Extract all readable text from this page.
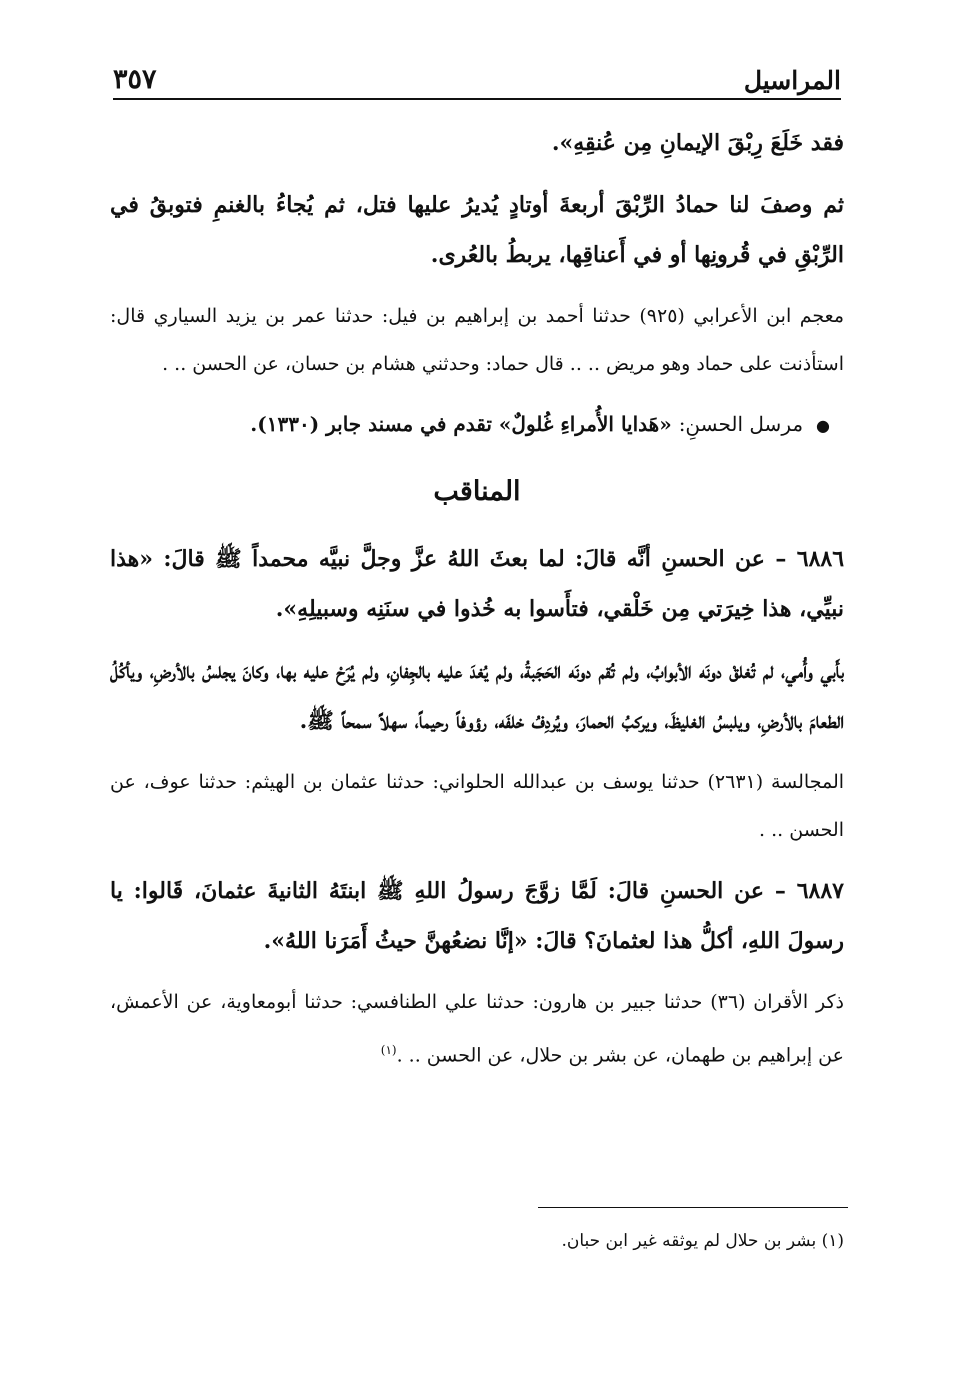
المراسيل
٣٥٧

فقد خَلَعَ رِبْقَ الإيمانِ مِن عُنقِهِ».

ثم وصفَ لنا حمادُ الرِّبْقَ أربعةَ أوتادٍ يُديرُ عليها فتل، ثم يُجاءُ بالغنمِ فتوبقُ في الرِّبْقِ في قُرونِها أو في أَعناقِها، يربطُ بالعُرى.

معجم ابن الأعرابي (٩٢٥) حدثنا أحمد بن إبراهيم بن فيل: حدثنا عمر بن يزيد السياري قال: استأذنت على حماد وهو مريض .. .. قال حماد: وحدثني هشام بن حسان، عن الحسن .. .

● مرسل الحسنِ: «هَدايا الأُمراءِ غُلولٌ» تقدم في مسند جابر (١٣٣٠).

المناقب

٦٨٨٦ – عن الحسنِ أنَّه قالَ: لما بعثَ اللهُ عزَّ وجلَّ نبيَّه محمداً ﷺ قالَ: «هذا نبيِّي، هذا خِيرَتي مِن خَلْقي، فتأَسوا به خُذوا في سنَنِه وسبيلِهِ».

بأَبي وأُمي، لم تُغلقْ دونَه الأبوابُ، ولم تُقم دونَه الحَجَبةُ، ولم يُغدَ عليه بالجِفانِ، ولم يُرَحْ عليه بها، وكانَ يجلسُ بالأرضِ، ويأكُلُ الطعامَ بالأرضِ، ويلبسُ الغليظَ، ويركبُ الحمارَ، ويُردِفُ خلفَه، رؤوفاً رحيماً، سهلاً سمحاً ﷺ.

المجالسة (٢٦٣١) حدثنا يوسف بن عبدالله الحلواني: حدثنا عثمان بن الهيثم: حدثنا عوف، عن الحسن .. .

٦٨٨٧ – عن الحسنِ قالَ: لَمَّا زوَّجَ رسولُ اللهِ ﷺ ابنتَهُ الثانيةَ عثمانَ، قَالوا: يا رسولَ اللهِ، أكلُّ هذا لعثمانَ؟ قالَ: «إنَّا نضعُهنَّ حيثُ أَمَرَنا اللهُ».

ذكر الأقران (٣٦) حدثنا جبير بن هارون: حدثنا علي الطنافسي: حدثنا أبومعاوية، عن الأعمش، عن إبراهيم بن طهمان، عن بشر بن حلال، عن الحسن .. .$^{(١)}$

(١) بشر بن حلال لم يوثقه غير ابن حبان.
